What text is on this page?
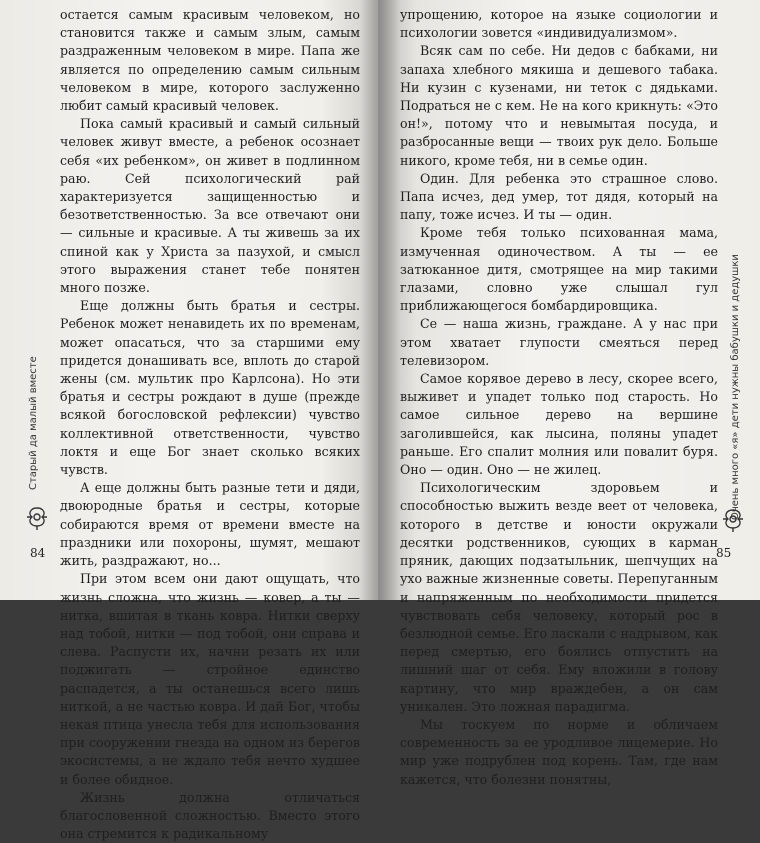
остается самым красивым человеком, но становится также и самым злым, самым раздраженным человеком в мире. Папа же является по определению самым сильным человеком в мире, которого заслуженно любит самый красивый человек.

Пока самый красивый и самый сильный человек живут вместе, а ребенок осознает себя «их ребенком», он живет в подлинном раю. Сей психологический рай характеризуется защищенностью и безответственностью. За все отвечают они — сильные и красивые. А ты живешь за их спиной как у Христа за пазухой, и смысл этого выражения станет тебе понятен много позже.

Еще должны быть братья и сестры. Ребенок может ненавидеть их по временам, может опасаться, что за старшими ему придется донашивать все, вплоть до старой жены (см. мультик про Карлсона). Но эти братья и сестры рождают в душе (прежде всякой богословской рефлексии) чувство коллективной ответственности, чувство локтя и еще Бог знает сколько всяких чувств.

А еще должны быть разные тети и дяди, двоюродные братья и сестры, которые собираются время от времени вместе на праздники или похороны, шумят, мешают жить, раздражают, но...

При этом всем они дают ощущать, что жизнь сложна, что жизнь — ковер, а ты — нитка, вшитая в ткань ковра. Нитки сверху над тобой, нитки — под тобой, они справа и слева. Распусти их, начни резать их или поджигать — стройное единство распадется, а ты останешься всего лишь ниткой, а не частью ковра. И дай Бог, чтобы некая птица унесла тебя для использования при сооружении гнезда на одном из берегов экосистемы, а не ждало тебя нечто худшее и более обидное.

Жизнь должна отличаться благословенной сложностью. Вместо этого она стремится к радикальному

Старый да малый вместе
84

упрощению, которое на языке социологии и психологии зовется «индивидуализмом».

Всяк сам по себе. Ни дедов с бабками, ни запаха хлебного мякиша и дешевого табака. Ни кузин с кузенами, ни теток с дядьками. Подраться не с кем. Не на кого крикнуть: «Это он!», потому что и невымытая посуда, и разбросанные вещи — твоих рук дело. Больше никого, кроме тебя, ни в семье один.

Один. Для ребенка это страшное слово. Папа исчез, дед умер, тот дядя, который на папу, тоже исчез. И ты — один.

Кроме тебя только психованная мама, измученная одиночеством. А ты — ее затюканное дитя, смотрящее на мир такими глазами, словно уже слышал гул приближающегося бомбардировщика.

Се — наша жизнь, граждане. А у нас при этом хватает глупости смеяться перед телевизором.

Самое корявое дерево в лесу, скорее всего, выживет и упадет только под старость. Но самое сильное дерево на вершине заголившейся, как лысина, поляны упадет раньше. Его спалит молния или повалит буря. Оно — один. Оно — не жилец.

Психологическим здоровьем и способностью выжить везде веет от человека, которого в детстве и юности окружали десятки родственников, сующих в карман пряник, дающих подзатыльник, шепчущих на ухо важные жизненные советы. Перепуганным и напряженным по необходимости придется чувствовать себя человеку, который рос в безлюдной семье. Его ласкали с надрывом, как перед смертью, его боялись отпустить на лишний шаг от себя. Ему вложили в голову картину, что мир враждебен, а он сам уникален. Это ложная парадигма.

Мы тоскуем по норме и обличаем современность за ее уродливое лицемерие. Но мир уже подрублен под корень. Там, где нам кажется, что болезни понятны,

Очень много «я» дети нужны бабушки и дедушки
85
